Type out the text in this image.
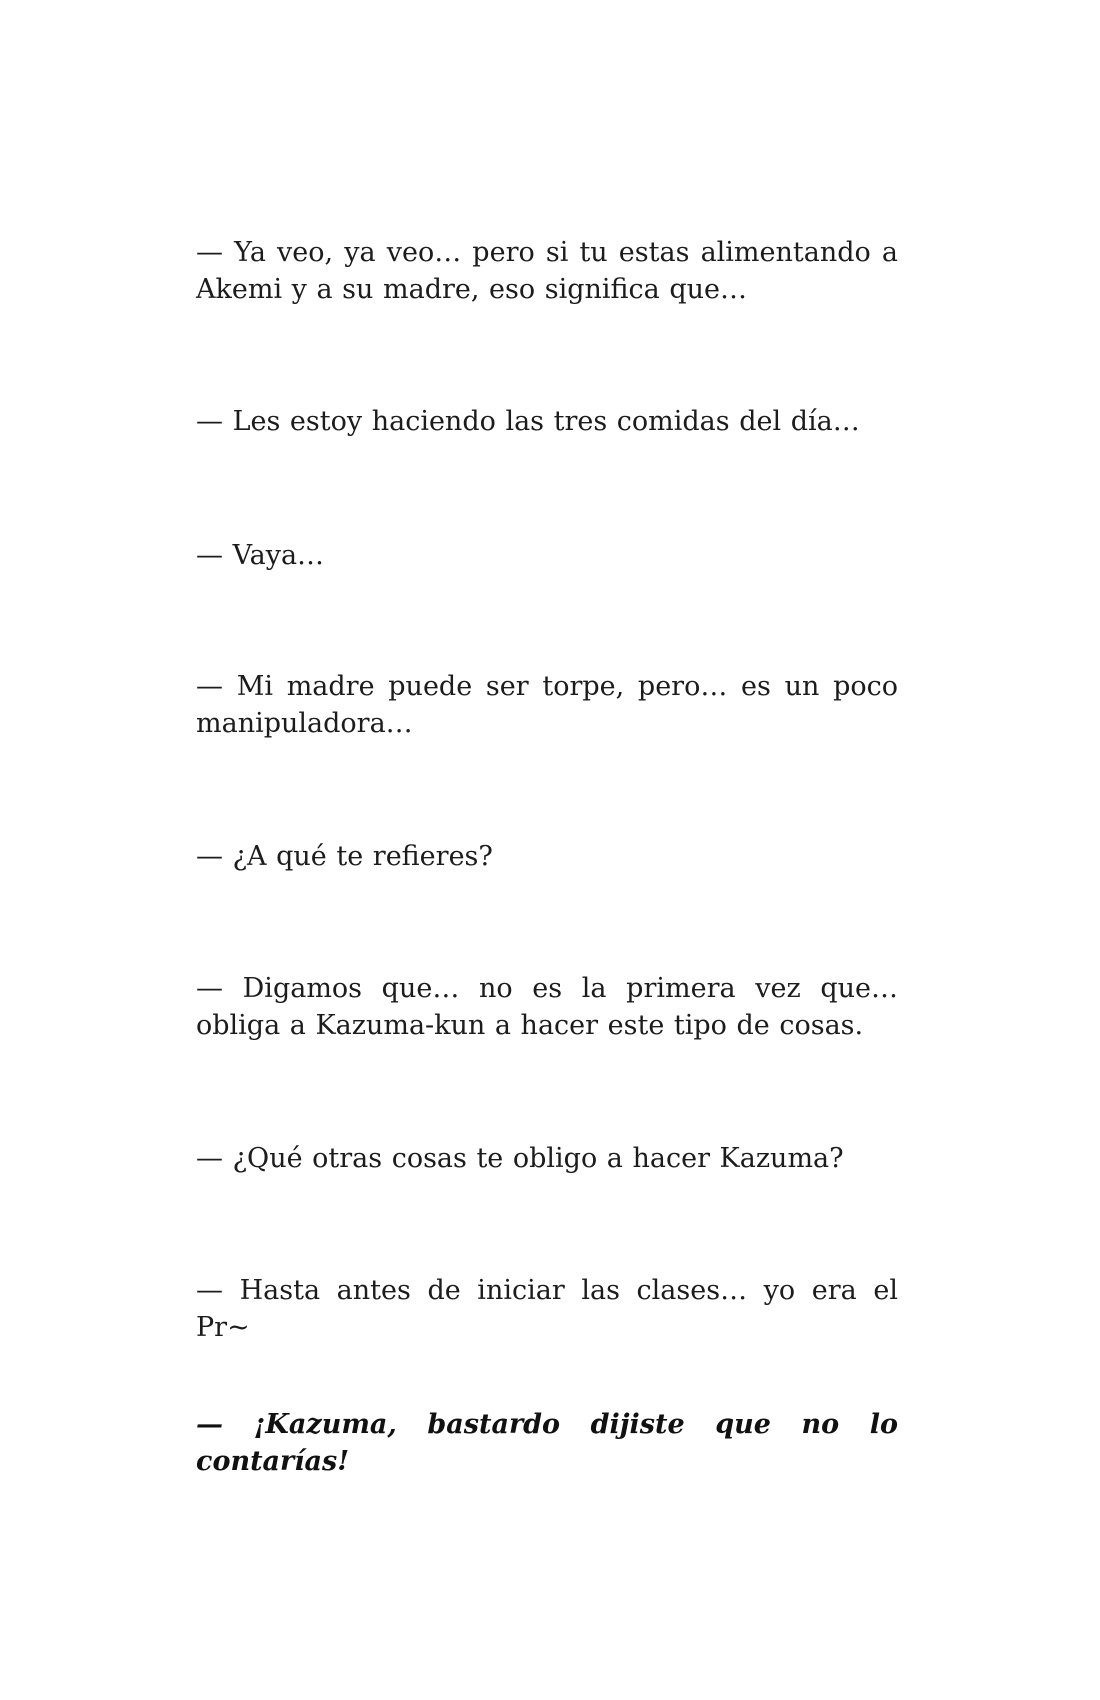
— Ya veo, ya veo… pero si tu estas alimentando a Akemi y a su madre, eso significa que…

— Les estoy haciendo las tres comidas del día…

— Vaya…

— Mi madre puede ser torpe, pero… es un poco manipuladora…

— ¿A qué te refieres?

— Digamos que… no es la primera vez que… obliga a Kazuma-kun a hacer este tipo de cosas.

— ¿Qué otras cosas te obligo a hacer Kazuma?

— Hasta antes de iniciar las clases… yo era el Pr~

— ¡Kazuma, bastardo dijiste que no lo contarías!
